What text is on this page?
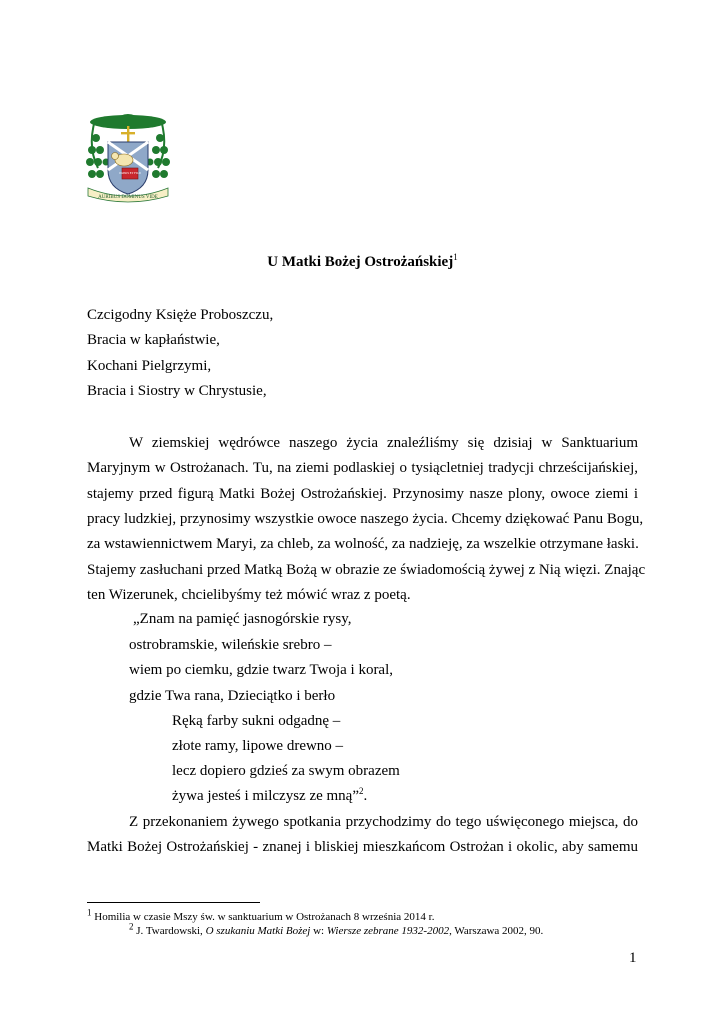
PATRIS ET FILII
AURIBUS DOMINUS VIDE
U Matki Bożej Ostrożańskiej$^1$
Czcigodny Księże Proboszczu,
Bracia w kapłaństwie,
Kochani Pielgrzymi,
Bracia i Siostry w Chrystusie,
W ziemskiej wędrówce naszego życia znaleźliśmy się dzisiaj w Sanktuarium
Maryjnym w Ostrożanach. Tu, na ziemi podlaskiej o tysiącletniej tradycji chrześcijańskiej,
stajemy przed figurą Matki Bożej Ostrożańskiej. Przynosimy nasze plony, owoce ziemi i
pracy ludzkiej, przynosimy wszystkie owoce naszego życia. Chcemy dziękować Panu Bogu,
za wstawiennictwem Maryi, za chleb, za wolność, za nadzieję, za wszelkie otrzymane łaski.
Stajemy zasłuchani przed Matką Bożą w obrazie ze świadomością żywej z Nią więzi. Znając
ten Wizerunek, chcielibyśmy też mówić wraz z poetą.
„Znam na pamięć jasnogórskie rysy,
ostrobramskie, wileńskie srebro –
wiem po ciemku, gdzie twarz Twoja i koral,
gdzie Twa rana, Dzieciątko i berło
Ręką farby sukni odgadnę –
złote ramy, lipowe drewno –
lecz dopiero gdzieś za swym obrazem
żywa jesteś i milczysz ze mną”$^2$.
Z przekonaniem żywego spotkania przychodzimy do tego uświęconego miejsca, do
Matki Bożej Ostrożańskiej - znanej i bliskiej mieszkańcom Ostrożan i okolic, aby samemu
$^1$ Homilia w czasie Mszy św. w sanktuarium w Ostrożanach 8 września 2014 r.
$^2$ J. Twardowski, O szukaniu Matki Bożej w: Wiersze zebrane 1932-2002, Warszawa 2002, 90.
1
